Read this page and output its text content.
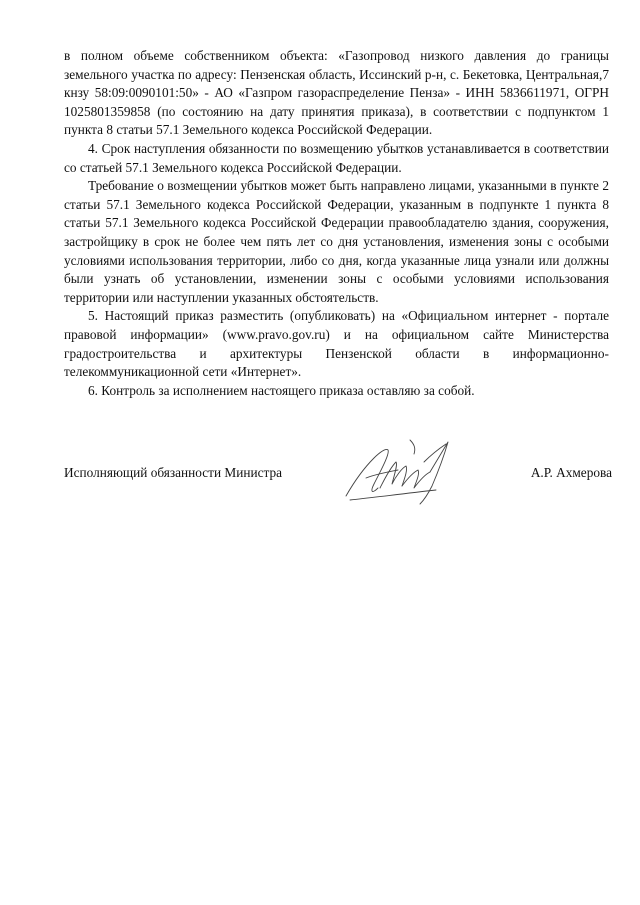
в полном объеме собственником объекта: «Газопровод низкого давления до границы земельного участка по адресу: Пензенская область, Иссинский р-н, с. Бекетовка, Центральная,7 кнзу 58:09:0090101:50» - АО «Газпром газораспределение Пенза» - ИНН 5836611971, ОГРН 1025801359858 (по состоянию на дату принятия приказа), в соответствии с подпунктом 1 пункта 8 статьи 57.1 Земельного кодекса Российской Федерации.

4. Срок наступления обязанности по возмещению убытков устанавливается в соответствии со статьей 57.1 Земельного кодекса Российской Федерации.

Требование о возмещении убытков может быть направлено лицами, указанными в пункте 2 статьи 57.1 Земельного кодекса Российской Федерации, указанным в подпункте 1 пункта 8 статьи 57.1 Земельного кодекса Российской Федерации правообладателю здания, сооружения, застройщику в срок не более чем пять лет со дня установления, изменения зоны с особыми условиями использования территории, либо со дня, когда указанные лица узнали или должны были узнать об установлении, изменении зоны с особыми условиями использования территории или наступлении указанных обстоятельств.

5. Настоящий приказ разместить (опубликовать) на «Официальном интернет - портале правовой информации» (www.pravo.gov.ru) и на официальном сайте Министерства градостроительства и архитектуры Пензенской области в информационно-телекоммуникационной сети «Интернет».

6. Контроль за исполнением настоящего приказа оставляю за собой.

Исполняющий обязанности Министра	А.Р. Ахмерова
